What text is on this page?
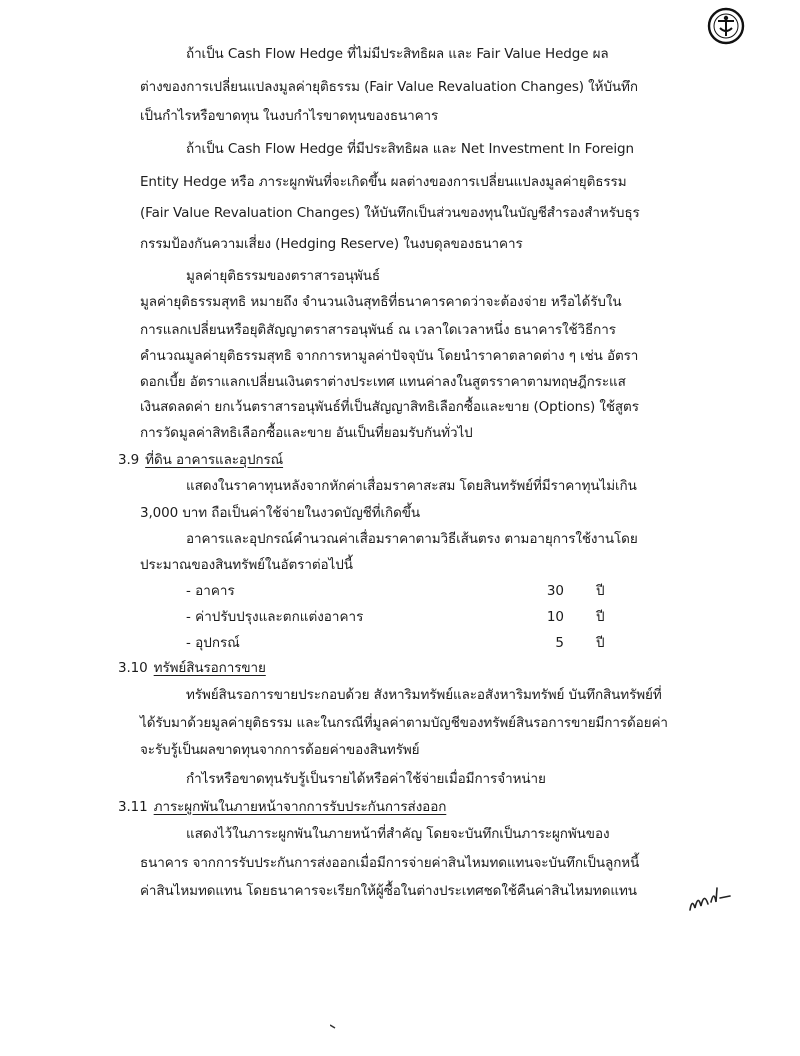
ถ้าเป็น Cash Flow Hedge ที่ไม่มีประสิทธิผล และ Fair Value Hedge ผล
ต่างของการเปลี่ยนแปลงมูลค่ายุติธรรม (Fair Value Revaluation Changes) ให้บันทึก
เป็นกำไรหรือขาดทุน ในงบกำไรขาดทุนของธนาคาร
ถ้าเป็น Cash Flow Hedge ที่มีประสิทธิผล และ Net Investment In Foreign
Entity Hedge หรือ ภาระผูกพันที่จะเกิดขึ้น ผลต่างของการเปลี่ยนแปลงมูลค่ายุติธรรม
(Fair Value Revaluation Changes) ให้บันทึกเป็นส่วนของทุนในบัญชีสำรองสำหรับธุร
กรรมป้องกันความเสี่ยง (Hedging Reserve) ในงบดุลของธนาคาร
มูลค่ายุติธรรมของตราสารอนุพันธ์
มูลค่ายุติธรรมสุทธิ หมายถึง จำนวนเงินสุทธิที่ธนาคารคาดว่าจะต้องจ่าย หรือได้รับใน
การแลกเปลี่ยนหรือยุติสัญญาตราสารอนุพันธ์ ณ เวลาใดเวลาหนึ่ง ธนาคารใช้วิธีการ
คำนวณมูลค่ายุติธรรมสุทธิ จากการหามูลค่าปัจจุบัน โดยนำราคาตลาดต่าง ๆ เช่น อัตรา
ดอกเบี้ย อัตราแลกเปลี่ยนเงินตราต่างประเทศ แทนค่าลงในสูตรราคาตามทฤษฎีกระแส
เงินสดลดค่า ยกเว้นตราสารอนุพันธ์ที่เป็นสัญญาสิทธิเลือกซื้อและขาย (Options) ใช้สูตร
การวัดมูลค่าสิทธิเลือกซื้อและขาย อันเป็นที่ยอมรับกันทั่วไป
3.9 ที่ดิน อาคารและอุปกรณ์
แสดงในราคาทุนหลังจากหักค่าเสื่อมราคาสะสม โดยสินทรัพย์ที่มีราคาทุนไม่เกิน
3,000 บาท ถือเป็นค่าใช้จ่ายในงวดบัญชีที่เกิดขึ้น
อาคารและอุปกรณ์คำนวณค่าเสื่อมราคาตามวิธีเส้นตรง ตามอายุการใช้งานโดย
ประมาณของสินทรัพย์ในอัตราต่อไปนี้
- อาคาร	30 ปี
- ค่าปรับปรุงและตกแต่งอาคาร	10 ปี
- อุปกรณ์	5 ปี
3.10 ทรัพย์สินรอการขาย
ทรัพย์สินรอการขายประกอบด้วย สังหาริมทรัพย์และอสังหาริมทรัพย์ บันทึกสินทรัพย์ที่
ได้รับมาด้วยมูลค่ายุติธรรม และในกรณีที่มูลค่าตามบัญชีของทรัพย์สินรอการขายมีการด้อยค่า
จะรับรู้เป็นผลขาดทุนจากการด้อยค่าของสินทรัพย์
กำไรหรือขาดทุนรับรู้เป็นรายได้หรือค่าใช้จ่ายเมื่อมีการจำหน่าย
3.11 ภาระผูกพันในภายหน้าจากการรับประกันการส่งออก
แสดงไว้ในภาระผูกพันในภายหน้าที่สำคัญ โดยจะบันทึกเป็นภาระผูกพันของ
ธนาคาร จากการรับประกันการส่งออกเมื่อมีการจ่ายค่าสินไหมทดแทนจะบันทึกเป็นลูกหนี้
ค่าสินไหมทดแทน โดยธนาคารจะเรียกให้ผู้ซื้อในต่างประเทศชดใช้คืนค่าสินไหมทดแทน
